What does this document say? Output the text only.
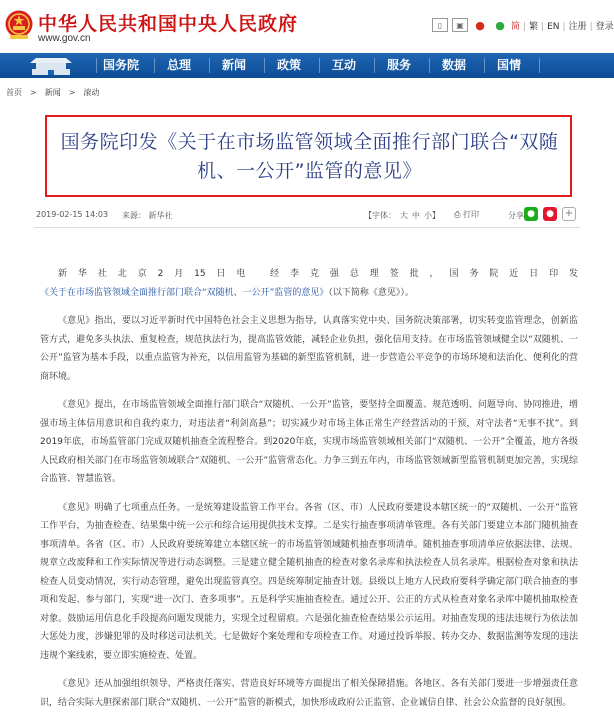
中华人民共和国中央人民政府
www.gov.cn
▯	▣	● ● 简 | 繁 | EN | 注册 | 登录
国务院	总理	新闻	政策	互动	服务	数据	国情
首页 > 新闻 > 滚动
国务院印发《关于在市场监管领域全面推行部门联合“双随机、一公开”监管的意见》
2019-02-15 14:03 来源： 新华社	【字体： 大 中 小】 ⎙ 打印	分享 ●	●	+

新华社北京2月15日电 经李克强总理签批，国务院近日印发《关于在市场监管领域全面推行部门联合“双随机、一公开”监管的意见》（以下简称《意见》）。

《意见》指出，要以习近平新时代中国特色社会主义思想为指导，认真落实党中央、国务院决策部署，切实转变监管理念，创新监管方式，避免多头执法、重复检查，规范执法行为，提高监管效能，减轻企业负担，强化信用支持。在市场监管领域健全以“双随机、一公开”监管为基本手段，以重点监管为补充，以信用监管为基础的新型监管机制，进一步营造公平竞争的市场环境和法治化、便利化的营商环境。

《意见》提出，在市场监管领域全面推行部门联合“双随机、一公开”监管，要坚持全面覆盖、规范透明、问题导向、协同推进，增强市场主体信用意识和自我约束力，对违法者“利剑高悬”；切实减少对市场主体正常生产经营活动的干预，对守法者“无事不扰”。到2019年底，市场监管部门完成双随机抽查全流程整合。到2020年底，实现市场监管领域相关部门“双随机、一公开”全覆盖，地方各级人民政府相关部门在市场监管领域联合“双随机、一公开”监管常态化。力争三到五年内，市场监管领域新型监管机制更加完善，实现综合监管、智慧监管。

《意见》明确了七项重点任务。一是统筹建设监管工作平台。各省（区、市）人民政府要建设本辖区统一的“双随机、一公开”监管工作平台，为抽查检查、结果集中统一公示和综合运用提供技术支撑。二是实行抽查事项清单管理。各有关部门要建立本部门随机抽查事项清单。各省（区、市）人民政府要统筹建立本辖区统一的市场监管领域随机抽查事项清单。随机抽查事项清单应依据法律、法规、规章立改废释和工作实际情况等进行动态调整。三是建立健全随机抽查的检查对象名录库和执法检查人员名录库。根据检查对象和执法检查人员变动情况，实行动态管理，避免出现监管真空。四是统筹制定抽查计划。县级以上地方人民政府要科学确定部门联合抽查的事项和发起、参与部门，实现“进一次门、查多项事”。五是科学实施抽查检查。通过公开、公正的方式从检查对象名录库中随机抽取检查对象。鼓励运用信息化手段提高问题发现能力，实现全过程留痕。六是强化抽查检查结果公示运用。对抽查发现的违法违规行为依法加大惩处力度，涉嫌犯罪的及时移送司法机关。七是做好个案处理和专项检查工作。对通过投诉举报、转办交办、数据监测等发现的违法违规个案线索，要立即实施检查、处置。

《意见》还从加强组织领导、严格责任落实、营造良好环境等方面提出了相关保障措施。各地区、各有关部门要进一步增强责任意识，结合实际大胆探索部门联合“双随机、一公开”监管的新模式，加快形成政府公正监管、企业诚信自律、社会公众监督的良好氛围。
